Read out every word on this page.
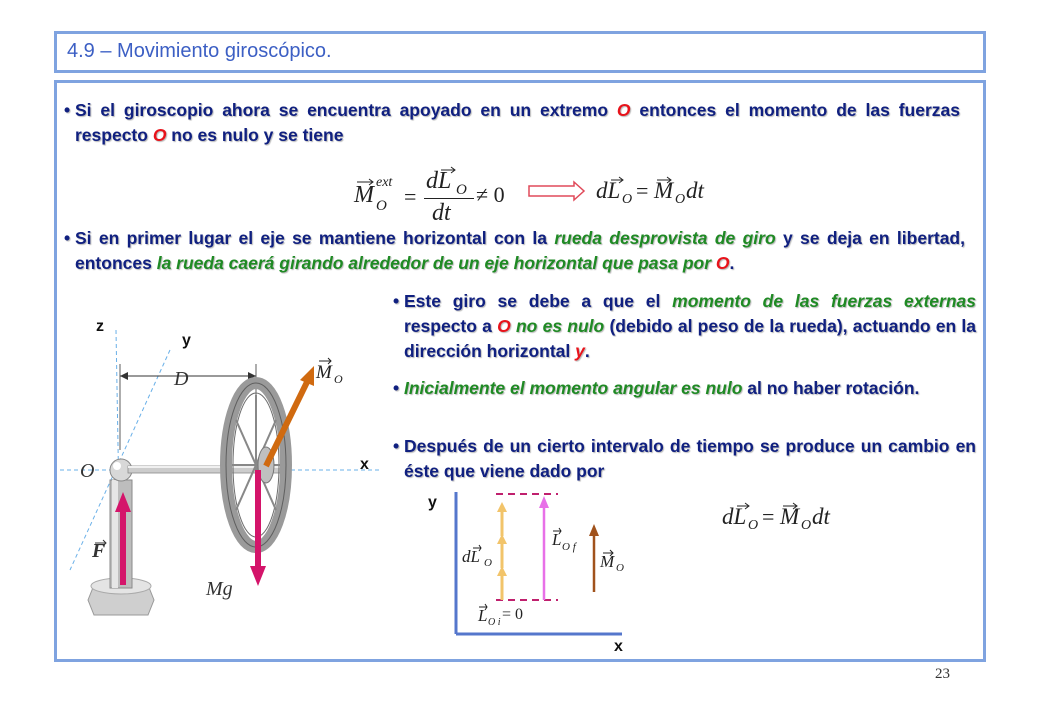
4.9 – Movimiento giroscópico.
• Si el giroscopio ahora se encuentra apoyado en un extremo O entonces el momento de las fuerzas respecto O no es nulo y se tiene
M ext
O =
dL O
dt
≠ 0	dL O = M O dt
• Si en primer lugar el eje se mantiene horizontal con la rueda desprovista de giro y se deja en libertad, entonces la rueda caerá girando alrededor de un eje horizontal que pasa por O.
• Este giro se debe a que el momento de las fuerzas externas respecto a O no es nulo (debido al peso de la rueda), actuando en la dirección horizontal y.
• Inicialmente el momento angular es nulo al no haber rotación.
• Después de un cierto intervalo de tiempo se produce un cambio en éste que viene dado por
z
y
x
D
O
F
Mg
M O
y
x
dL O
L O f
M O
L O i = 0
dL O = M O dt
23
